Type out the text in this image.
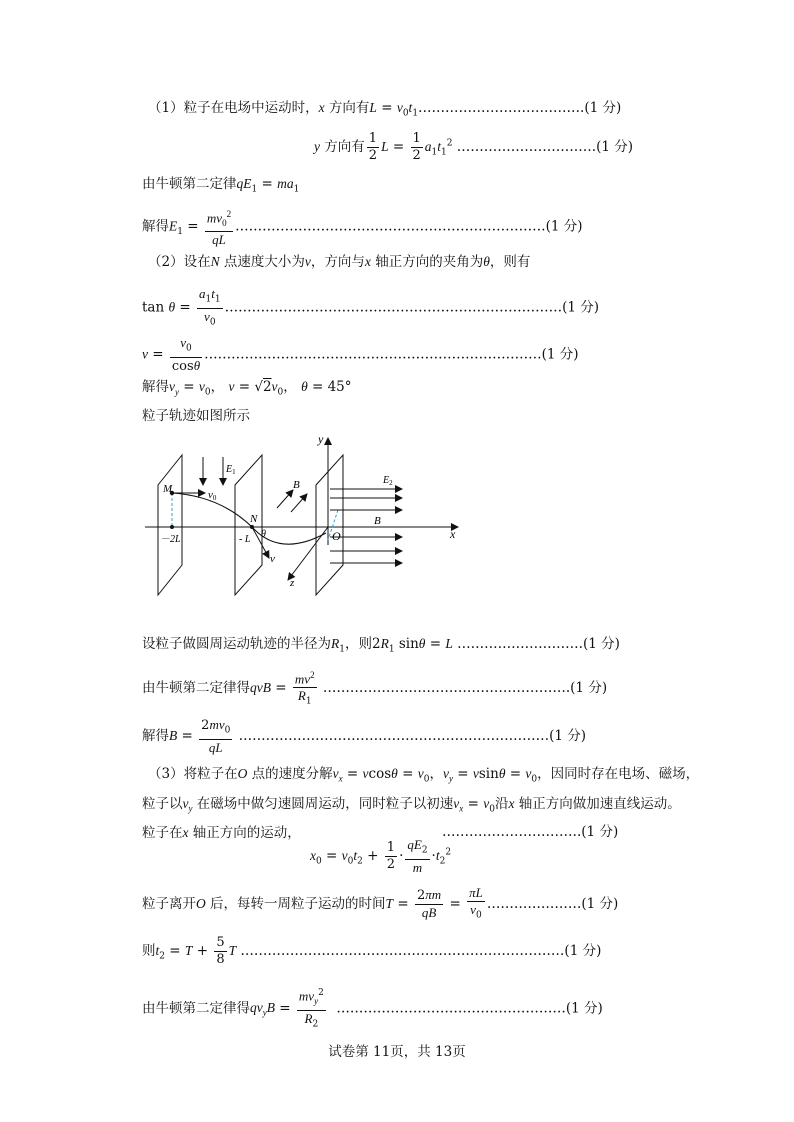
（1）粒子在电场中运动时，x 方向有$L = v_0t_1\dots\dots\dots\dots\dots\dots\dots\dots\dots\dots\dots\dots.(1$ 分)
y 方向有 $\frac{1}{2}$ $L = \frac{1}{2} a_1t_1^2$ ………………………….(1 分)
由牛顿第二定律$qE_1 = ma_1$
解得$E_1 = \frac{mv_0^2}{qL}$ ……………………………………………………………(1 分)
（2）设在N 点速度大小为v，方向与x 轴正方向的夹角为θ，则有
$\tan \theta = \frac{a_1t_1}{v_0}$ …………………………………………………………………(1 分)
$v = \frac{v_0}{\cos\theta}$ …………………………………………………………………(1 分)
解得$v_y = v_0$， $v = √2v_0$， θ = 45°
粒子轨迹如图所示
x
y
z
$E_1$
M	v0
v
N
θ
－2L	- L	O
B	$E_2$
B
设粒子做圆周运动轨迹的半径为$R_1$，则$2R_1$ sinθ = L ……………………….(1 分)
由牛顿第二定律得qvB = $\frac{mv^2}{R_1}$ ……………………………………………….(1 分)
解得$B = \frac{2mv_0}{qL}$ ……………………………………………………………(1 分)
（3）将粒子在O 点的速度分解$v_x = vcos\theta = v_0$，$v_y = vsin\theta = v_0$，因同时存在电场、磁场，
粒子以$v_y$ 在磁场中做匀速圆周运动，同时粒子以初速$v_x = v_0$沿x 轴正方向做加速直线运动。
粒子在x 轴正方向的运动，
$x_0 = v_0t_2 + \frac{1}{2} \cdot \frac{qE_2}{m} \cdot t_2^2$
………………………….(1 分)
粒子离开O 后，每转一周粒子运动的时间$T = \frac{2\pi m}{qB} = \frac{\pi L}{v_0}$ …………………(1 分)
则$t_2 = T + \frac{5}{8}$ T ………………………………………………………………(1 分)
由牛顿第二定律得$qv_yB = \frac{mv_y^2}{R_2}$ ……………………………………………(1 分)
试卷第 11页，共 13页
